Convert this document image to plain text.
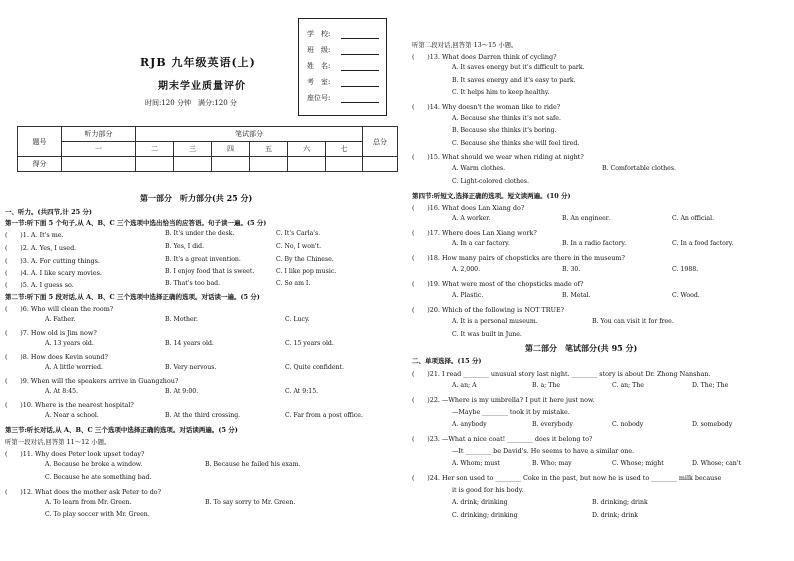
RJB 九年级英语(上)
期末学业质量评价
时间:120 分钟　满分:120 分
学　校:
班　级:
姓　名:
考　室:
座位号:
题号	听力部分	笔试部分						总分
	一	二	三	四	五	六	七	
得分								
第一部分　听力部分(共 25 分)
一、听力。(共四节,计 25 分)
第一节:听下面 5 个句子,从 A、B、C 三个选项中选出恰当的应答语。句子读一遍。(5 分)
(　　)1. A. It's me.	B. It's under the desk.	C. It's Carla's.
(　　)2. A. Yes, I used.	B. Yes, I did.	C. No, I won't.
(　　)3. A. For cutting things.	B. It's a great invention.	C. By the Chinese.
(　　)4. A. I like scary movies.	B. I enjoy food that is sweet.	C. I like pop music.
(　　)5. A. I guess so.	B. That's too bad.	C. So am I.
第二节:听下面 5 段对话,从 A、B、C 三个选项中选择正确的选项。对话读一遍。(5 分)
(　　)6. Who will clean the room?
A. Father.	B. Mother.	C. Lucy.
(　　)7. How old is Jim now?
A. 13 years old.	B. 14 years old.	C. 15 years old.
(　　)8. How does Kevin sound?
A. A little worried.	B. Very nervous.	C. Quite confident.
(　　)9. When will the speakers arrive in Guangzhou?
A. At 8:45.	B. At 9:00.	C. At 9:15.
(　　)10. Where is the nearest hospital?
A. Near a school.	B. At the third crossing.	C. Far from a post office.
第三节:听长对话,从 A、B、C 三个选项中选择正确的选项。对话读两遍。(5 分)
听第一段对话,回答第 11～12 小题。
(　　)11. Why does Peter look upset today?
A. Because he broke a window.	B. Because he failed his exam.
C. Because he ate something bad.
(　　)12. What does the mother ask Peter to do?
A. To learn from Mr. Green.	B. To say sorry to Mr. Green.
C. To play soccer with Mr. Green.
听第二段对话,回答第 13～15 小题。
(　　)13. What does Darren think of cycling?
A. It saves energy but it's difficult to park.
B. It saves energy and it's easy to park.
C. It helps him to keep healthy.
(　　)14. Why doesn't the woman like to ride?
A. Because she thinks it's not safe.
B. Because she thinks it's boring.
C. Because she thinks she will feel tired.
(　　)15. What should we wear when riding at night?
A. Warm clothes.	B. Comfortable clothes.
C. Light-colored clothes.
第四节:听短文,选择正确的选项。短文读两遍。(10 分)
(　　)16. What does Lan Xiang do?
A. A worker.	B. An engineer.	C. An official.
(　　)17. Where does Lan Xiang work?
A. In a car factory.	B. In a radio factory.	C. In a food factory.
(　　)18. How many pairs of chopsticks are there in the museum?
A. 2,000.	B. 30.	C. 1988.
(　　)19. What were most of the chopsticks made of?
A. Plastic.	B. Metal.	C. Wood.
(　　)20. Which of the following is NOT TRUE?
A. It is a personal museum.	B. You can visit it for free.
C. It was built in June.
第二部分　笔试部分(共 95 分)
二、单项选择。(15 分)
(　　)21. I read ________ unusual story last night. ________ story is about Dr. Zhong Nanshan.
A. an; A	B. a; The	C. an; The	D. The; The
(　　)22. —Where is my umbrella? I put it here just now.
—Maybe ________ took it by mistake.
A. anybody	B. everybody	C. nobody	D. somebody
(　　)23. —What a nice coat! ________ does it belong to?
—It ________ be David's. He seems to have a similar one.
A. Whom; must	B. Who; may	C. Whose; might	D. Whose; can't
(　　)24. Her son used to ________ Coke in the past, but now he is used to ________ milk because
it is good for his body.
A. drink; drinking	B. drinking; drink
C. drinking; drinking	D. drink; drink
